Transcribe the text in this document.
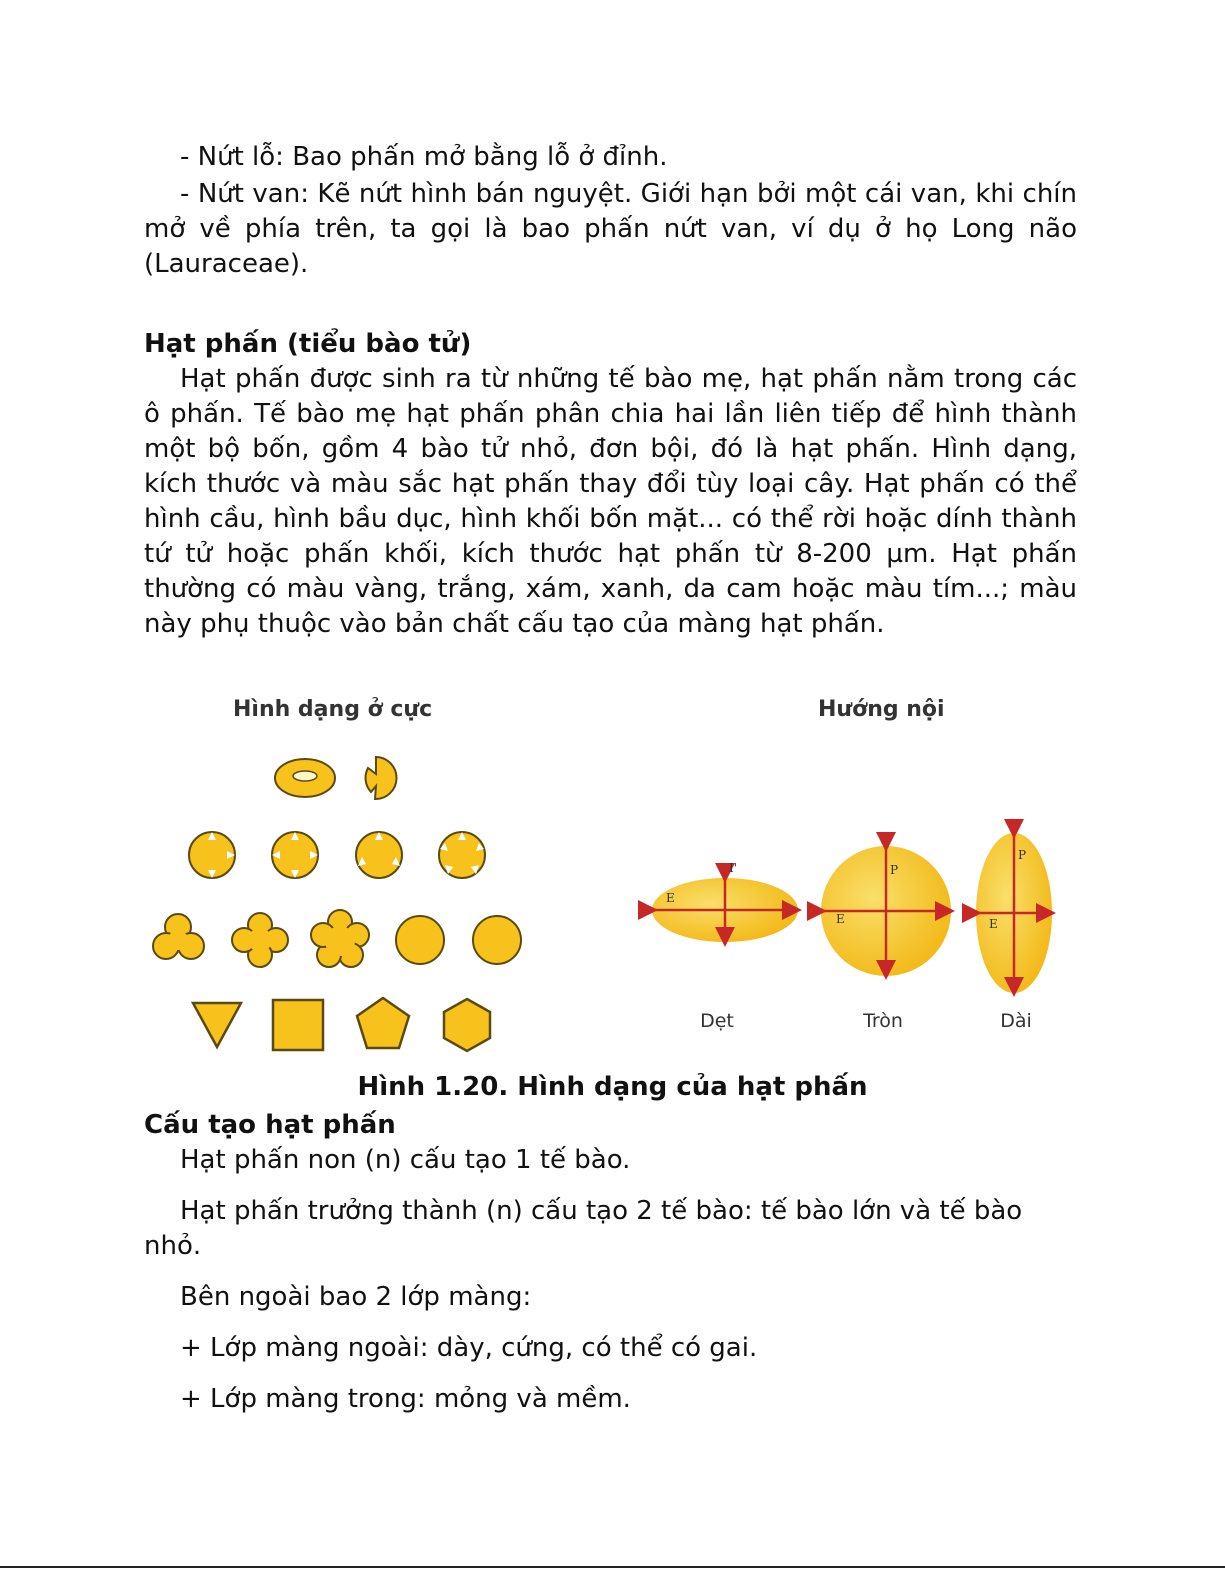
- Nứt lỗ: Bao phấn mở bằng lỗ ở đỉnh.

- Nứt van: Kẽ nứt hình bán nguyệt. Giới hạn bởi một cái van, khi chín mở về phía trên, ta gọi là bao phấn nứt van, ví dụ ở họ Long não (Lauraceae).

Hạt phấn (tiểu bào tử)

Hạt phấn được sinh ra từ những tế bào mẹ, hạt phấn nằm trong các ô phấn. Tế bào mẹ hạt phấn phân chia hai lần liên tiếp để hình thành một bộ bốn, gồm 4 bào tử nhỏ, đơn bội, đó là hạt phấn. Hình dạng, kích thước và màu sắc hạt phấn thay đổi tùy loại cây. Hạt phấn có thể hình cầu, hình bầu dục, hình khối bốn mặt... có thể rời hoặc dính thành tứ tử hoặc phấn khối, kích thước hạt phấn từ 8-200 µm. Hạt phấn thường có màu vàng, trắng, xám, xanh, da cam hoặc màu tím...; màu này phụ thuộc vào bản chất cấu tạo của màng hạt phấn.

Hình dạng ở cực	Hướng nội
E
I'
E
P
E
P
Dẹt	Tròn	Dài
Hình 1.20. Hình dạng của hạt phấn

Cấu tạo hạt phấn

Hạt phấn non (n) cấu tạo 1 tế bào.

Hạt phấn trưởng thành (n) cấu tạo 2 tế bào: tế bào lớn và tế bào nhỏ.

Bên ngoài bao 2 lớp màng:

+ Lớp màng ngoài: dày, cứng, có thể có gai.

+ Lớp màng trong: mỏng và mềm.
